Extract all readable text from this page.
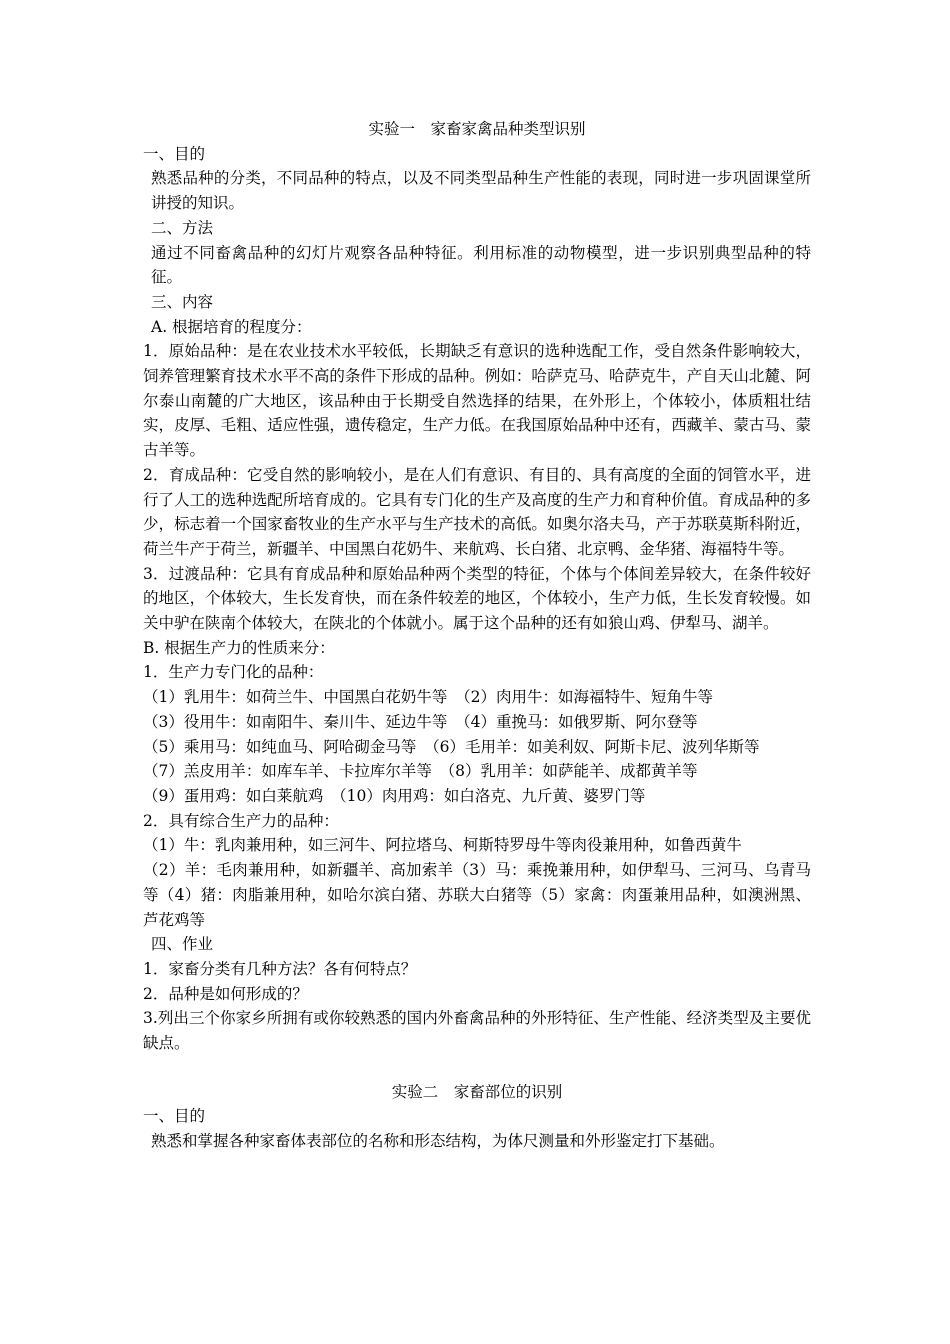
实验一　家畜家禽品种类型识别

一、目的

熟悉品种的分类，不同品种的特点，以及不同类型品种生产性能的表现，同时进一步巩固课堂所讲授的知识。

二、方法

通过不同畜禽品种的幻灯片观察各品种特征。利用标准的动物模型，进一步识别典型品种的特征。

三、内容

A. 根据培育的程度分：

1．原始品种：是在农业技术水平较低，长期缺乏有意识的选种选配工作，受自然条件影响较大，饲养管理繁育技术水平不高的条件下形成的品种。例如：哈萨克马、哈萨克牛，产自天山北麓、阿尔泰山南麓的广大地区，该品种由于长期受自然选择的结果，在外形上，个体较小，体质粗壮结实，皮厚、毛粗、适应性强，遗传稳定，生产力低。在我国原始品种中还有，西藏羊、蒙古马、蒙古羊等。

2．育成品种：它受自然的影响较小，是在人们有意识、有目的、具有高度的全面的饲管水平，进行了人工的选种选配所培育成的。它具有专门化的生产及高度的生产力和育种价值。育成品种的多少，标志着一个国家畜牧业的生产水平与生产技术的高低。如奥尔洛夫马，产于苏联莫斯科附近，荷兰牛产于荷兰，新疆羊、中国黑白花奶牛、来航鸡、长白猪、北京鸭、金华猪、海福特牛等。

3．过渡品种：它具有育成品种和原始品种两个类型的特征，个体与个体间差异较大，在条件较好的地区，个体较大，生长发育快，而在条件较差的地区，个体较小，生产力低，生长发育较慢。如关中驴在陕南个体较大，在陕北的个体就小。属于这个品种的还有如狼山鸡、伊犁马、湖羊。

B. 根据生产力的性质来分：

1．生产力专门化的品种：

（1）乳用牛：如荷兰牛、中国黑白花奶牛等　（2）肉用牛：如海福特牛、短角牛等

（3）役用牛：如南阳牛、秦川牛、延边牛等　（4）重挽马：如俄罗斯、阿尔登等

（5）乘用马：如纯血马、阿哈砌金马等　（6）毛用羊：如美利奴、阿斯卡尼、波列华斯等

（7）羔皮用羊：如库车羊、卡拉库尔羊等　（8）乳用羊：如萨能羊、成都黄羊等

（9）蛋用鸡：如白莱航鸡　（10）肉用鸡：如白洛克、九斤黄、婆罗门等

2．具有综合生产力的品种：

（1）牛：乳肉兼用种，如三河牛、阿拉塔乌、柯斯特罗母牛等肉役兼用种，如鲁西黄牛

（2）羊：毛肉兼用种，如新疆羊、高加索羊（3）马：乘挽兼用种，如伊犁马、三河马、乌青马等（4）猪：肉脂兼用种，如哈尔滨白猪、苏联大白猪等（5）家禽：肉蛋兼用品种，如澳洲黑、芦花鸡等

四、作业

1．家畜分类有几种方法？各有何特点？

2．品种是如何形成的？

3.列出三个你家乡所拥有或你较熟悉的国内外畜禽品种的外形特征、生产性能、经济类型及主要优缺点。

实验二　家畜部位的识别

一、目的

熟悉和掌握各种家畜体表部位的名称和形态结构，为体尺测量和外形鉴定打下基础。
